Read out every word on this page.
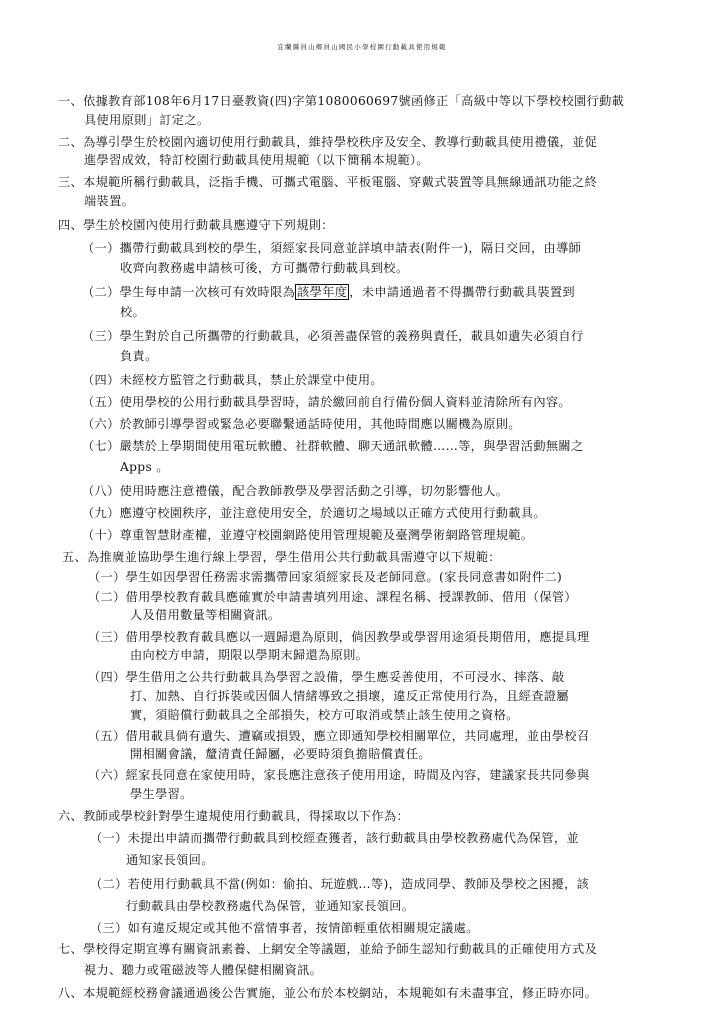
宜蘭縣員山鄉員山國民小學校園行動載具使用規範
一、依據教育部108年6月17日臺教資(四)字第1080060697號函修正「高級中等以下學校校園行動載
具使用原則」訂定之。
二、為導引學生於校園內適切使用行動載具，維持學校秩序及安全、教導行動載具使用禮儀，並促
進學習成效，特訂校園行動載具使用規範（以下簡稱本規範）。
三、本規範所稱行動載具，泛指手機、可攜式電腦、平板電腦、穿戴式裝置等具無線通訊功能之終
端裝置。
四、學生於校園內使用行動載具應遵守下列規則：
（一）攜帶行動載具到校的學生，須經家長同意並詳填申請表(附件一)，隔日交回，由導師
收齊向教務處申請核可後，方可攜帶行動載具到校。
（二）學生每申請一次核可有效時限為 該學年度 ，未申請通過者不得攜帶行動載具裝置到
校。
（三）學生對於自己所攜帶的行動載具，必須善盡保管的義務與責任，載具如遺失必須自行
負責。
（四）未經校方監管之行動載具，禁止於課堂中使用。
（五）使用學校的公用行動載具學習時，請於繳回前自行備份個人資料並清除所有內容。
（六）於教師引導學習或緊急必要聯繫通話時使用，其他時間應以關機為原則。
（七）嚴禁於上學期間使用電玩軟體、社群軟體、聊天通訊軟體……等，與學習活動無關之
Apps 。
（八）使用時應注意禮儀，配合教師教學及學習活動之引導，切勿影響他人。
（九）應遵守校園秩序，並注意使用安全，於適切之場域以正確方式使用行動載具。
（十）尊重智慧財產權，並遵守校園網路使用管理規範及臺灣學術網路管理規範。
五、為推廣並協助學生進行線上學習，學生借用公共行動載具需遵守以下規範：
（一）學生如因學習任務需求需攜帶回家須經家長及老師同意。(家長同意書如附件二)
（二）借用學校教育載具應確實於申請書填列用途、課程名稱、授課教師、借用（保管）
人及借用數量等相關資訊。
（三）借用學校教育載具應以一週歸還為原則，倘因教學或學習用途須長期借用，應提具理
由向校方申請，期限以學期末歸還為原則。
（四）學生借用之公共行動載具為學習之設備，學生應妥善使用，不可浸水、摔落、敲
打、加熱、自行拆裝或因個人情緒導致之損壞，違反正常使用行為，且經查證屬
實，須賠償行動載具之全部損失，校方可取消或禁止該生使用之資格。
（五）借用載具倘有遺失、遭竊或損毀，應立即通知學校相關單位，共同處理，並由學校召
開相關會議，釐清責任歸屬，必要時須負擔賠償責任。
（六）經家長同意在家使用時，家長應注意孩子使用用途，時間及內容，建議家長共同參與
學生學習。
六、教師或學校針對學生違規使用行動載具，得採取以下作為：
（一）未提出申請而攜帶行動載具到校經查獲者，該行動載具由學校教務處代為保管，並
通知家長領回。
（二）若使用行動載具不當(例如：偷拍、玩遊戲…等)，造成同學、教師及學校之困擾，該
行動載具由學校教務處代為保管，並通知家長領回。
（三）如有違反規定或其他不當情事者，按情節輕重依相關規定議處。
七、學校得定期宣導有關資訊素養、上網安全等議題，並給予師生認知行動載具的正確使用方式及
視力、聽力或電磁波等人體保健相關資訊。
八、本規範經校務會議通過後公告實施，並公布於本校網站，本規範如有未盡事宜，修正時亦同。
